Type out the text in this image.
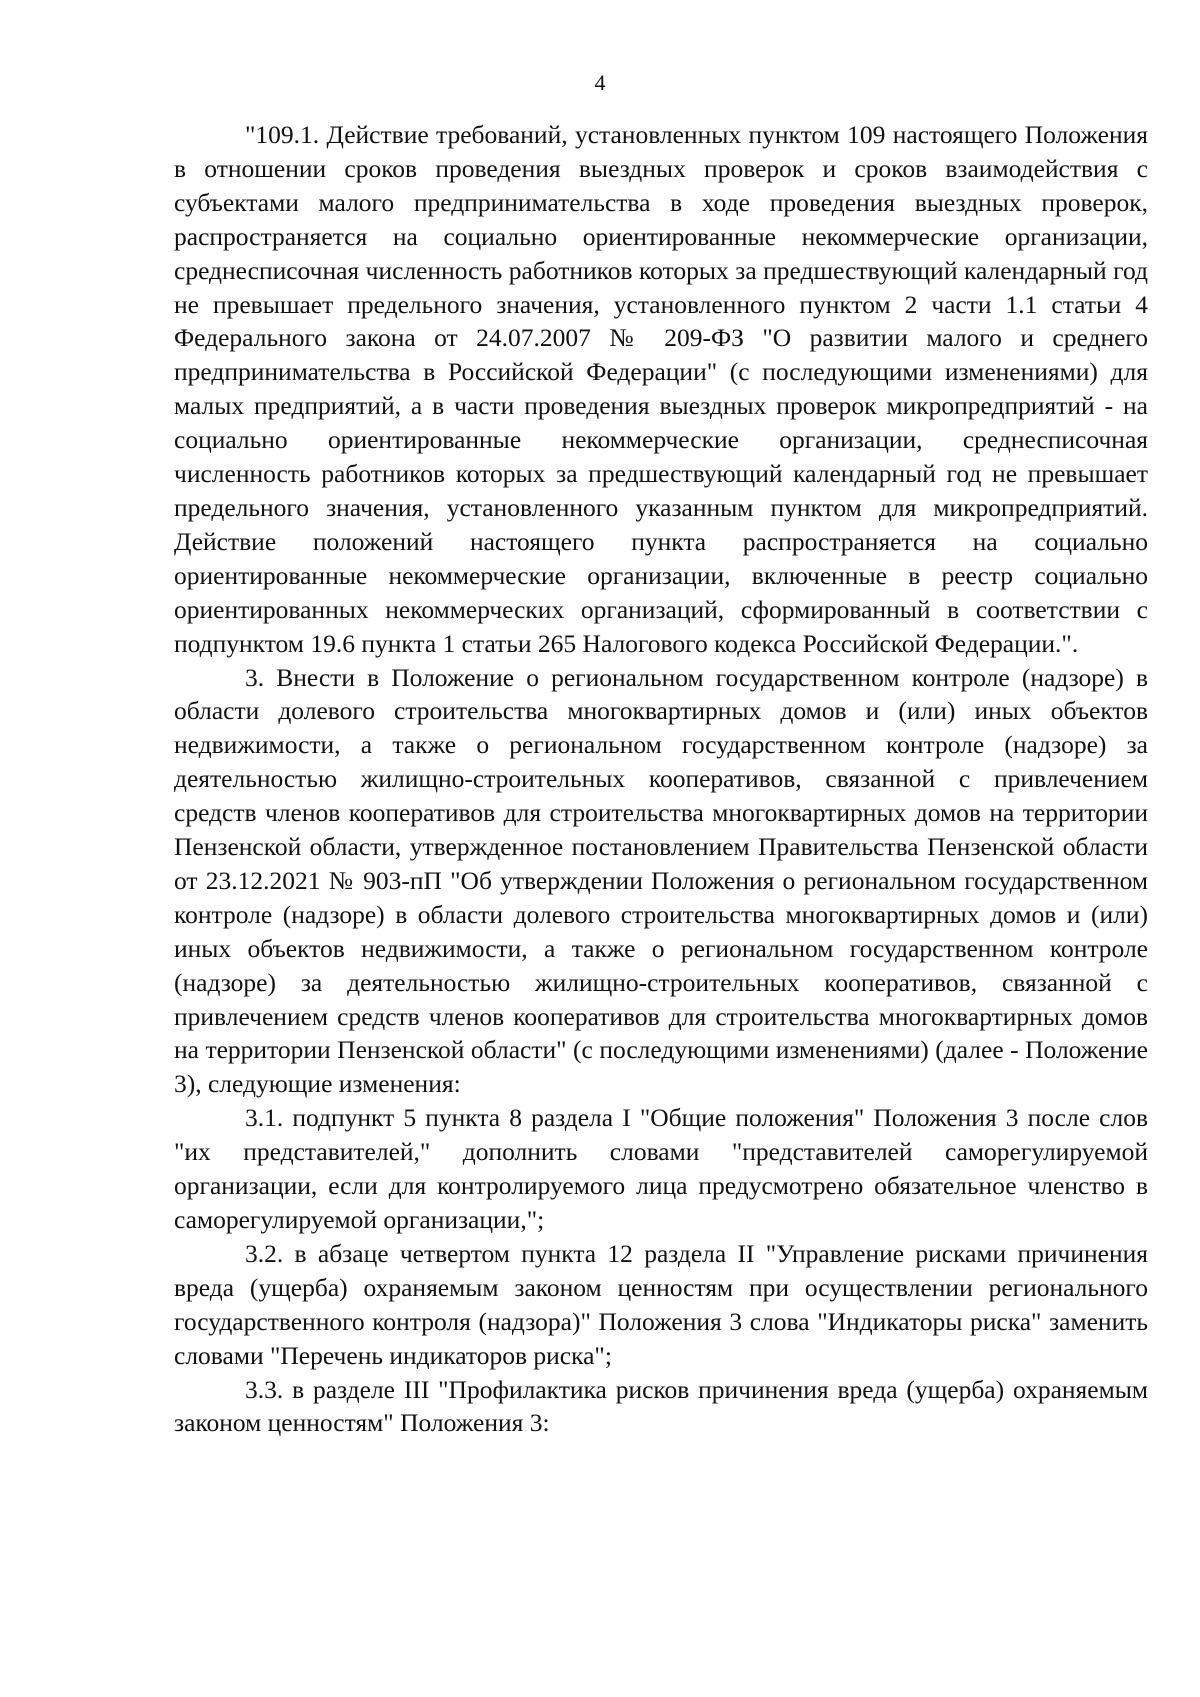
4

"109.1. Действие требований, установленных пунктом 109 настоящего Положения в отношении сроков проведения выездных проверок и сроков взаимодействия с субъектами малого предпринимательства в ходе проведения выездных проверок, распространяется на социально ориентированные некоммерческие организации, среднесписочная численность работников которых за предшествующий календарный год не превышает предельного значения, установленного пунктом 2 части 1.1 статьи 4 Федерального закона от 24.07.2007 № 209-ФЗ "О развитии малого и среднего предпринимательства в Российской Федерации" (с последующими изменениями) для малых предприятий, а в части проведения выездных проверок микропредприятий - на социально ориентированные некоммерческие организации, среднесписочная численность работников которых за предшествующий календарный год не превышает предельного значения, установленного указанным пунктом для микропредприятий. Действие положений настоящего пункта распространяется на социально ориентированные некоммерческие организации, включенные в реестр социально ориентированных некоммерческих организаций, сформированный в соответствии с подпунктом 19.6 пункта 1 статьи 265 Налогового кодекса Российской Федерации.".

3. Внести в Положение о региональном государственном контроле (надзоре) в области долевого строительства многоквартирных домов и (или) иных объектов недвижимости, а также о региональном государственном контроле (надзоре) за деятельностью жилищно-строительных кооперативов, связанной с привлечением средств членов кооперативов для строительства многоквартирных домов на территории Пензенской области, утвержденное постановлением Правительства Пензенской области от 23.12.2021 № 903-пП "Об утверждении Положения о региональном государственном контроле (надзоре) в области долевого строительства многоквартирных домов и (или) иных объектов недвижимости, а также о региональном государственном контроле (надзоре) за деятельностью жилищно-строительных кооперативов, связанной с привлечением средств членов кооперативов для строительства многоквартирных домов на территории Пензенской области" (с последующими изменениями) (далее - Положение 3), следующие изменения:

3.1. подпункт 5 пункта 8 раздела I "Общие положения" Положения 3 после слов "их представителей," дополнить словами "представителей саморегулируемой организации, если для контролируемого лица предусмотрено обязательное членство в саморегулируемой организации,";

3.2. в абзаце четвертом пункта 12 раздела II "Управление рисками причинения вреда (ущерба) охраняемым законом ценностям при осуществлении регионального государственного контроля (надзора)" Положения 3 слова "Индикаторы риска" заменить словами "Перечень индикаторов риска";

3.3. в разделе III "Профилактика рисков причинения вреда (ущерба) охраняемым законом ценностям" Положения 3:
